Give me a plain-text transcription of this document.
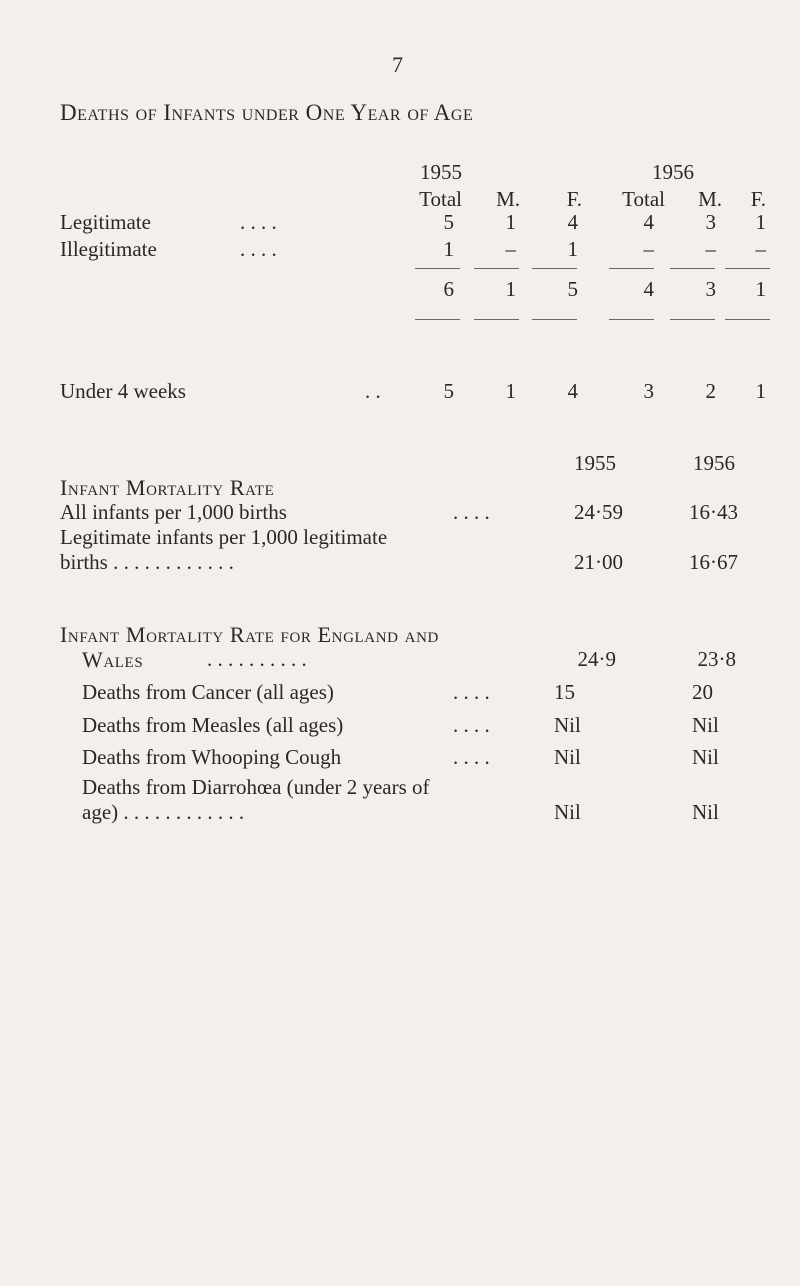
7
Deaths of Infants under One Year of Age
1955	1956
Total	M.	F.	Total	M.	F.
Legitimate	. . . .	5	1	4	4	3	1
Illegitimate	. . . .	1	–	1	–	–	–
6	1	5	4	3	1
Under 4 weeks	. .	5	1	4	3	2	1
1955	1956
Infant Mortality Rate
All infants per 1,000 births	. . . .	24·59	16·43
Legitimate infants per 1,000 legitimate
births . . . . . . . . . . . .	21·00	16·67
Infant Mortality Rate for England and
Wales	. . . . . . . . . .	24·9	23·8
Deaths from Cancer (all ages)	. . . .	15	20
Deaths from Measles (all ages)	. . . .	Nil	Nil
Deaths from Whooping Cough	. . . .	Nil	Nil
Deaths from Diarrohœa (under 2 years of
age) . . . . . . . . . . . .	Nil	Nil
